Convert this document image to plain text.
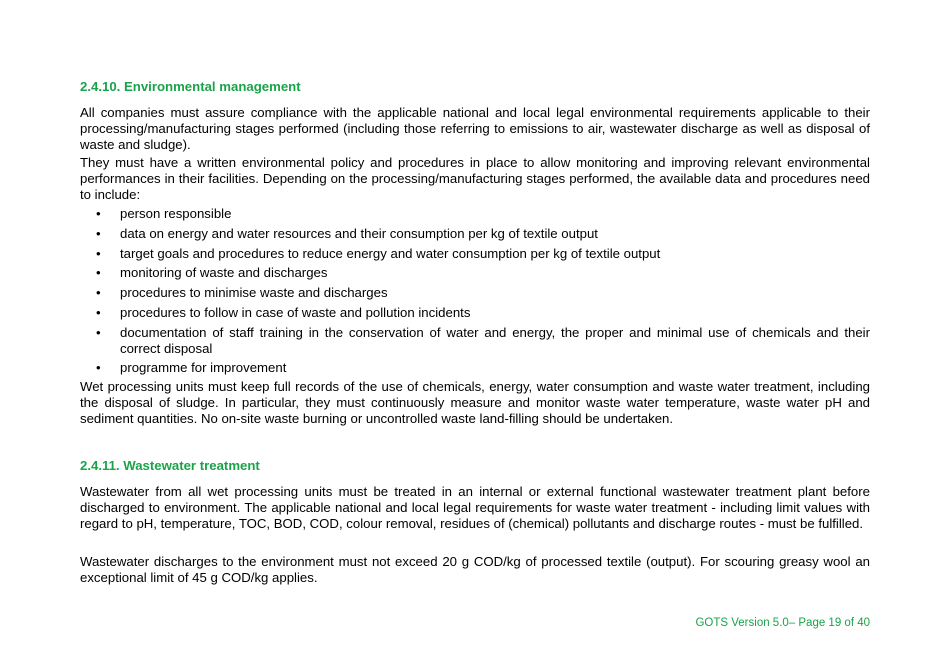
2.4.10. Environmental management

All companies must assure compliance with the applicable national and local legal environmental requirements applicable to their processing/manufacturing stages performed (including those referring to emissions to air, wastewater discharge as well as disposal of waste and sludge).

They must have a written environmental policy and procedures in place to allow monitoring and improving relevant environmental performances in their facilities. Depending on the processing/manufacturing stages performed, the available data and procedures need to include:

• person responsible
• data on energy and water resources and their consumption per kg of textile output
• target goals and procedures to reduce energy and water consumption per kg of textile output
• monitoring of waste and discharges
• procedures to minimise waste and discharges
• procedures to follow in case of waste and pollution incidents
• documentation of staff training in the conservation of water and energy, the proper and minimal use of chemicals and their correct disposal
• programme for improvement

Wet processing units must keep full records of the use of chemicals, energy, water consumption and waste water treatment, including the disposal of sludge. In particular, they must continuously measure and monitor waste water temperature, waste water pH and sediment quantities. No on-site waste burning or uncontrolled waste land-filling should be undertaken.

2.4.11. Wastewater treatment

Wastewater from all wet processing units must be treated in an internal or external functional wastewater treatment plant before discharged to environment. The applicable national and local legal requirements for waste water treatment - including limit values with regard to pH, temperature, TOC, BOD, COD, colour removal, residues of (chemical) pollutants and discharge routes - must be fulfilled.

Wastewater discharges to the environment must not exceed 20 g COD/kg of processed textile (output). For scouring greasy wool an exceptional limit of 45 g COD/kg applies.

GOTS Version 5.0– Page 19 of 40
